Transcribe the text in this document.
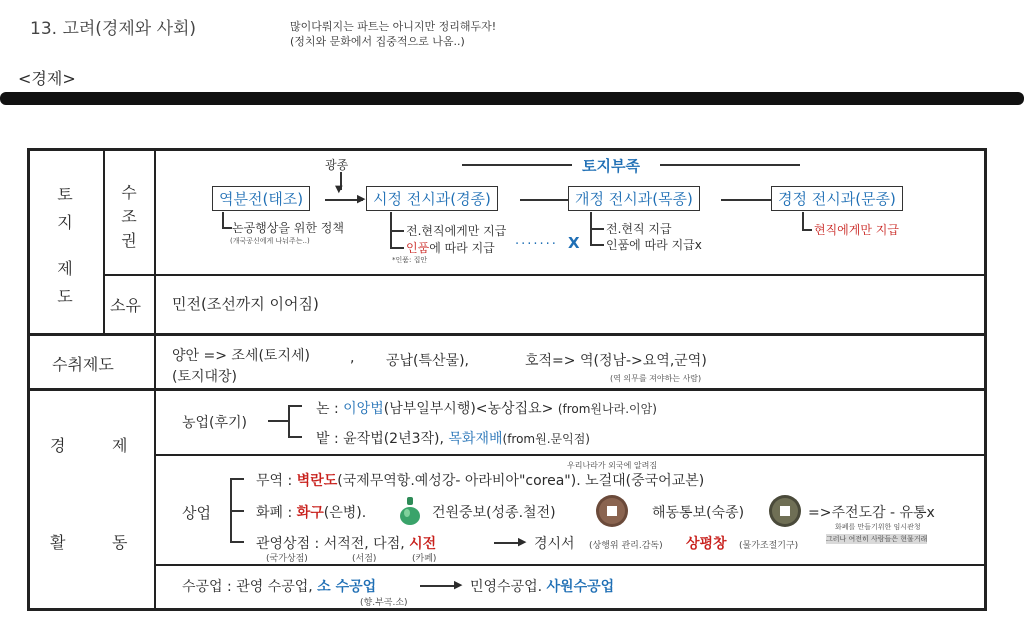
13. 고려(경제와 사회)	많이다뤄지는 파트는 아니지만 정리해두자!
(정치와 문화에서 집중적으로 나옴..)
<경제>
토
지
제
도
수
조
권
소유
광종
▼
토지부족
역분전(태조)	▶ 시정 전시과(경종)	개정 전시과(목종)	경정 전시과(문종)
논공행상을 위한 정책
(개국공신에게 나눠주는..)
전.현직에게만 지급
인품에 따라 지급
*인품: 집안
······· X
전.현직 지급
인품에 따라 지급x
현직에게만 지급
민전(조선까지 이어짐)
수취제도	양안 => 조세(토지세)	, 공납(특산물),	호적=> 역(정남->요역,군역)
(토지대장)	(역 의무를 져야하는 사람)
경	제
활	동
농업(후기)
논 : 이앙법(남부일부시행)<농상집요> (from원나라.이암)
밭 : 윤작법(2년3작), 목화재배(from원.문익점)
상업
우리나라가 외국에 알려짐
무역 : 벽란도(국제무역항.예성강- 아라비아"corea"). 노걸대(중국어교본)
화폐 : 화구(은병).	건원중보(성종.철전)	해동통보(숙종)	=>주전도감 - 유통x
화폐를 만들기위한 임시관청
그러나 여전히 사람들은 현물거래
관영상점 : 서적전, 다점, 시전
(국가상점)	(서점)	(카페)
▶ 경시서 (상행위 관리.감독) 상평창 (물가조절기구)
수공업 : 관영 수공업, 소 수공업
(향.부곡.소)
▶ 민영수공업. 사원수공업
